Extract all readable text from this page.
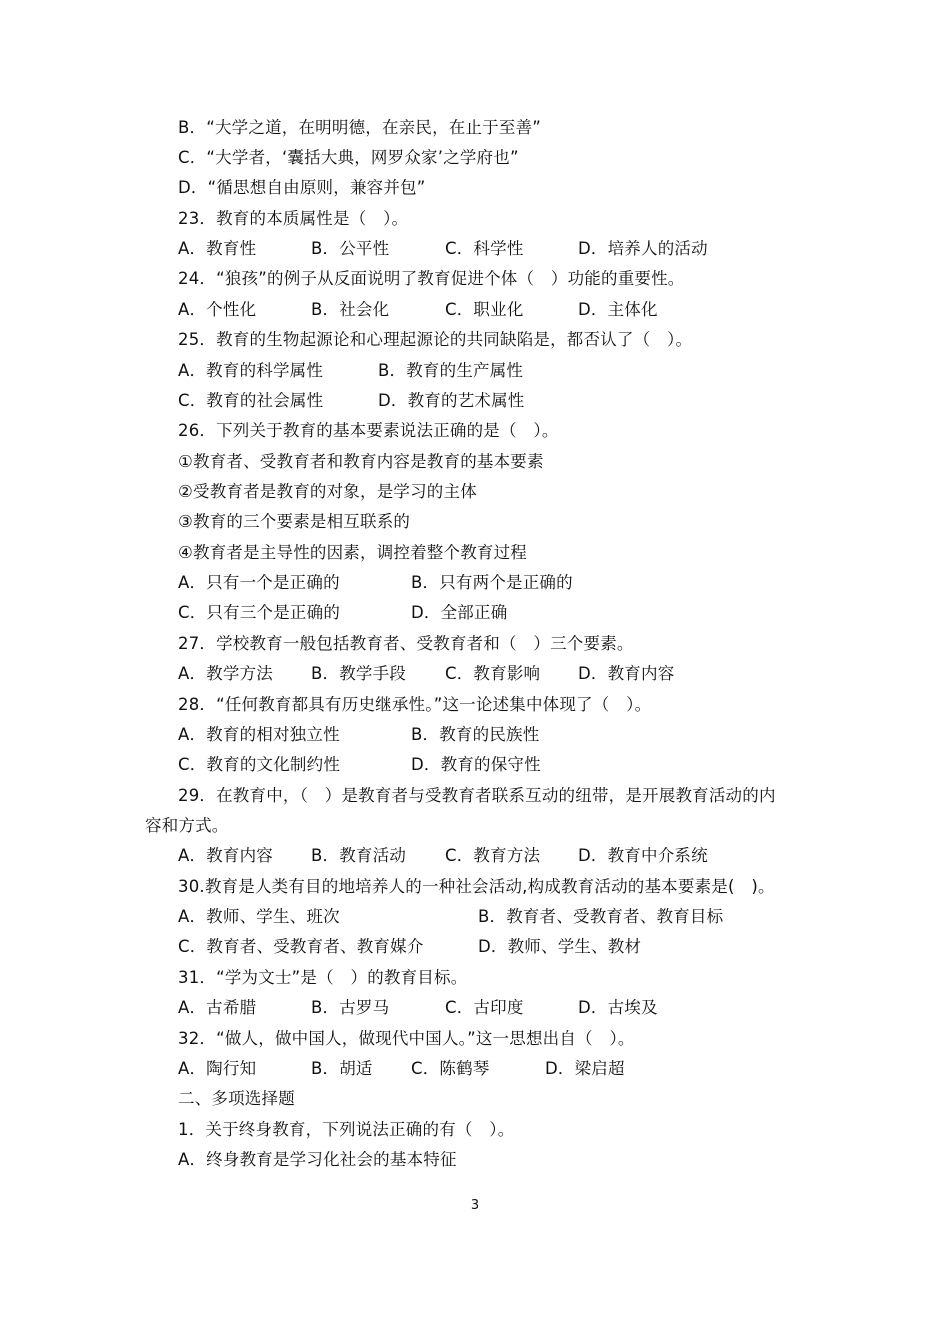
B．“大学之道，在明明德，在亲民，在止于至善”
C．“大学者，‘囊括大典，网罗众家’之学府也”
D．“循思想自由原则，兼容并包”
23．教育的本质属性是（　）。
A．教育性	B．公平性	C．科学性	D．培养人的活动
24．“狼孩”的例子从反面说明了教育促进个体（　）功能的重要性。
A．个性化	B．社会化	C．职业化	D．主体化
25．教育的生物起源论和心理起源论的共同缺陷是，都否认了（　）。
A．教育的科学属性	B．教育的生产属性
C．教育的社会属性	D．教育的艺术属性
26．下列关于教育的基本要素说法正确的是（　）。
①教育者、受教育者和教育内容是教育的基本要素
②受教育者是教育的对象，是学习的主体
③教育的三个要素是相互联系的
④教育者是主导性的因素，调控着整个教育过程
A．只有一个是正确的	B．只有两个是正确的
C．只有三个是正确的	D．全部正确
27．学校教育一般包括教育者、受教育者和（　）三个要素。
A．教学方法 B．教学手段 C．教育影响 D．教育内容
28．“任何教育都具有历史继承性。”这一论述集中体现了（　）。
A．教育的相对独立性	B．教育的民族性
C．教育的文化制约性	D．教育的保守性
29．在教育中，（　）是教育者与受教育者联系互动的纽带，是开展教育活动的内
容和方式。
A．教育内容 B．教育活动 C．教育方法 D．教育中介系统
30.教育是人类有目的地培养人的一种社会活动,构成教育活动的基本要素是(　)。
A．教师、学生、班次	B．教育者、受教育者、教育目标
C．教育者、受教育者、教育媒介	D．教师、学生、教材
31．“学为文士”是（　）的教育目标。
A．古希腊	B．古罗马	C．古印度	D．古埃及
32．“做人，做中国人，做现代中国人。”这一思想出自（　）。
A．陶行知	B．胡适 C．陈鹤琴	D．梁启超
二、多项选择题
1．关于终身教育，下列说法正确的有（　）。
A．终身教育是学习化社会的基本特征
3
